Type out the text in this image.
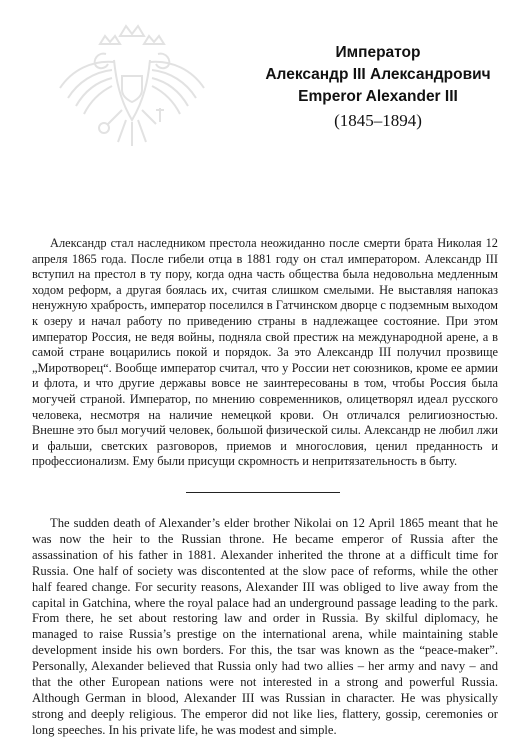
Император
Александр III Александрович
Emperor Alexander III
(1845–1894)

Александр стал наследником престола неожиданно после смерти брата Николая 12 апреля 1865 года. После гибели отца в 1881 году он стал императором. Александр III вступил на престол в ту пору, когда одна часть общества была недовольна медленным ходом реформ, а другая боялась их, считая слишком смелыми. Не выставляя напоказ ненужную храбрость, император поселился в Гатчинском дворце с подземным выходом к озеру и начал работу по приведению страны в надлежащее состояние. При этом император Россия, не ведя войны, подняла свой престиж на международной арене, а в самой стране воцарились покой и порядок. За это Александр III получил прозвище „Миротворец“. Вообще император считал, что у России нет союзников, кроме ее армии и флота, и что другие державы вовсе не заинтересованы в том, чтобы Россия была могучей страной. Император, по мнению современников, олицетворял идеал русского человека, несмотря на наличие немецкой крови. Он отличался религиозностью. Внешне это был могучий человек, большой физической силы. Александр не любил лжи и фальши, светских разговоров, приемов и многословия, ценил преданность и профессионализм. Ему были присущи скромность и непритязательность в быту.

The sudden death of Alexander’s elder brother Nikolai on 12 April 1865 meant that he was now the heir to the Russian throne. He became emperor of Russia after the assassination of his father in 1881. Alexander inherited the throne at a difficult time for Russia. One half of society was discontented at the slow pace of reforms, while the other half feared change. For security reasons, Alexander III was obliged to live away from the capital in Gatchina, where the royal palace had an underground passage leading to the park. From there, he set about restoring law and order in Russia. By skilful diplomacy, he managed to raise Russia’s prestige on the international arena, while maintaining stable development inside his own borders. For this, the tsar was known as the “peace-maker”. Personally, Alexander believed that Russia only had two allies – her army and navy – and that the other European nations were not interested in a strong and powerful Russia. Although German in blood, Alexander III was Russian in character. He was physically strong and deeply religious. The emperor did not like lies, flattery, gossip, ceremonies or long speeches. In his private life, he was modest and simple.
